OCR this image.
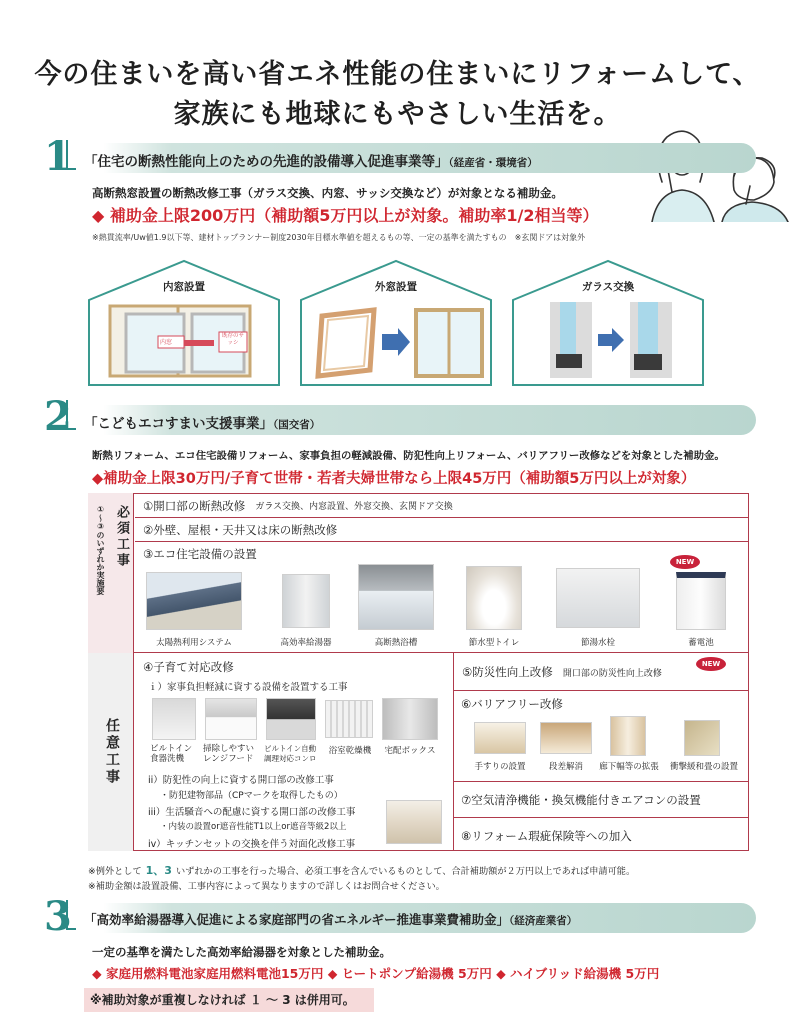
今の住まいを高い省エネ性能の住まいにリフォームして、
家族にも地球にもやさしい生活を。
1 「住宅の断熱性能向上のための先進的設備導入促進事業等」（経産省・環境省）
高断熱窓設置の断熱改修工事（ガラス交換、内窓、サッシ交換など）が対象となる補助金。
◆ 補助金上限200万円（補助額5万円以上が対象。補助率1/2相当等）
※熱貫流率/Uw値1.9以下等、建材トップランナー制度2030年目標水準値を超えるもの等、一定の基準を満たすもの　※玄関ドアは対象外
内窓設置
内窓
既存のサッシ
外窓設置	ガラス交換
2 「こどもエコすまい支援事業」（国交省）
断熱リフォーム、エコ住宅設備リフォーム、家事負担の軽減設備、防犯性向上リフォーム、バリアフリー改修などを対象とした補助金。
◆補助金上限30万円/子育て世帯・若者夫婦世帯なら上限45万円（補助額5万円以上が対象）
必須工事
①〜③のいずれか実施要	①開口部の断熱改修 ガラス交換、内窓設置、外窓交換、玄関ドア交換
②外壁、屋根・天井又は床の断熱改修
③エコ住宅設備の設置
NEW
太陽熱利用システム	高効率給湯器	高断熱浴槽	節水型トイレ	節湯水栓	蓄電池
任意工事
④子育て対応改修
ｉ）家事負担軽減に資する設備を設置する工事
ビルトイン食器洗機
掃除しやすいレンジフード
ビルトイン自動調理対応コンロ
浴室乾燥機	宅配ボックス
ii）防犯性の向上に資する開口部の改修工事
・防犯建物部品（CPマークを取得したもの）
iii）生活騒音への配慮に資する開口部の改修工事
・内装の設置or遮音性能T1以上or遮音等級2以上
iv）キッチンセットの交換を伴う対面化改修工事
⑤防災性向上改修 開口部の防災性向上改修
NEW
⑥バリアフリー改修
手すりの設置	段差解消	廊下幅等の拡張	衝撃緩和畳の設置
⑦空気清浄機能・換気機能付きエアコンの設置
⑧リフォーム瑕疵保険等への加入
※例外として 1、3 いずれかの工事を行った場合、必須工事を含んでいるものとして、合計補助額が２万円以上であれば申請可能。
※補助金額は設置設備、工事内容によって異なりますので詳しくはお問合せください。
3 「高効率給湯器導入促進による家庭部門の省エネルギー推進事業費補助金」（経済産業省）
一定の基準を満たした高効率給湯器を対象とした補助金。
◆ 家庭用燃料電池家庭用燃料電池15万円 ◆ ヒートポンプ給湯機 5万円 ◆ ハイブリッド給湯機 5万円
※補助対象が重複しなければ １ 〜 3 は併用可。
